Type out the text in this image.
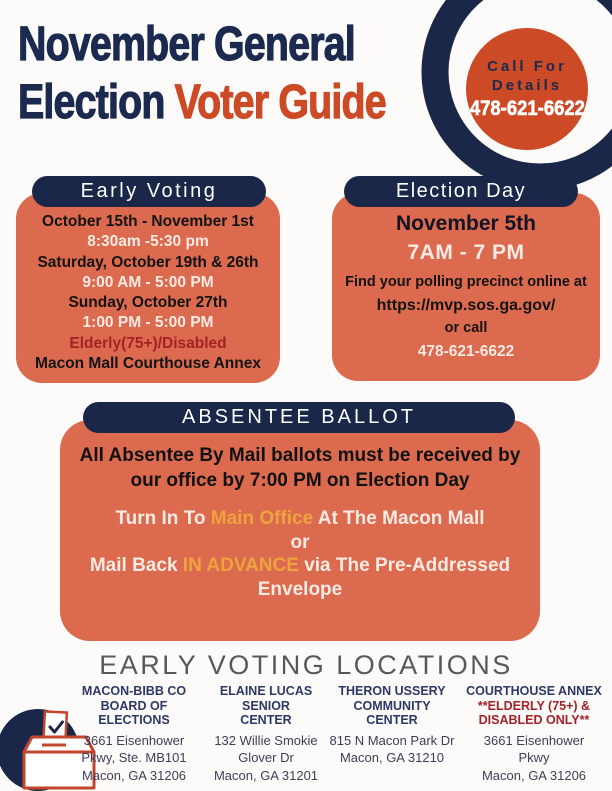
November General
Election Voter Guide
Call For
Details
478-621-6622
October 15th - November 1st
8:30am -5:30 pm
Saturday, October 19th & 26th
9:00 AM - 5:00 PM
Sunday, October 27th
1:00 PM - 5:00 PM
Elderly(75+)/Disabled
Macon Mall Courthouse Annex
Early Voting
November 5th
7AM - 7 PM
Find your polling precinct online at
https://mvp.sos.ga.gov/
or call
478-621-6622
Election Day
All Absentee By Mail ballots must be received by our office by 7:00 PM on Election Day
Turn In To Main Office At The Macon Mall
or
Mail Back IN ADVANCE via The Pre-Addressed Envelope
ABSENTEE BALLOT
EARLY VOTING LOCATIONS
MACON-BIBB CO
BOARD OF
ELECTIONS
3661 Eisenhower
Pkwy, Ste. MB101
Macon, GA 31206
ELAINE LUCAS
SENIOR
CENTER
132 Willie Smokie
Glover Dr
Macon, GA 31201
THERON USSERY
COMMUNITY
CENTER
815 N Macon Park Dr
Macon, GA 31210
COURTHOUSE ANNEX
**ELDERLY (75+) &
DISABLED ONLY**
3661 Eisenhower
Pkwy
Macon, GA 31206
